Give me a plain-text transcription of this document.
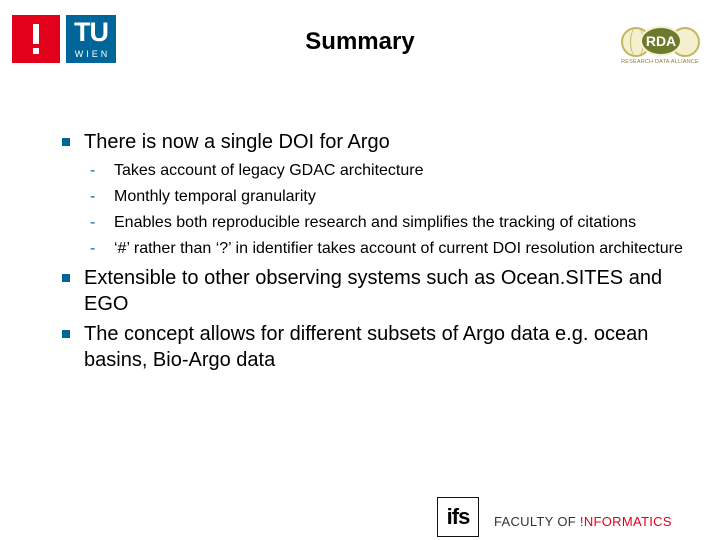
TU
WIEN	Summary	RDA
RESEARCH DATA ALLIANCE
There is now a single DOI for Argo
- Takes account of legacy GDAC architecture
- Monthly temporal granularity
- Enables both reproducible research and simplifies the tracking of citations
- ‘#’ rather than ‘?’ in identifier takes account of current DOI resolution architecture
Extensible to other observing systems such as Ocean.SITES and EGO
The concept allows for different subsets of Argo data e.g. ocean basins, Bio-Argo data
ifs	FACULTY OF !NFORMATICS
